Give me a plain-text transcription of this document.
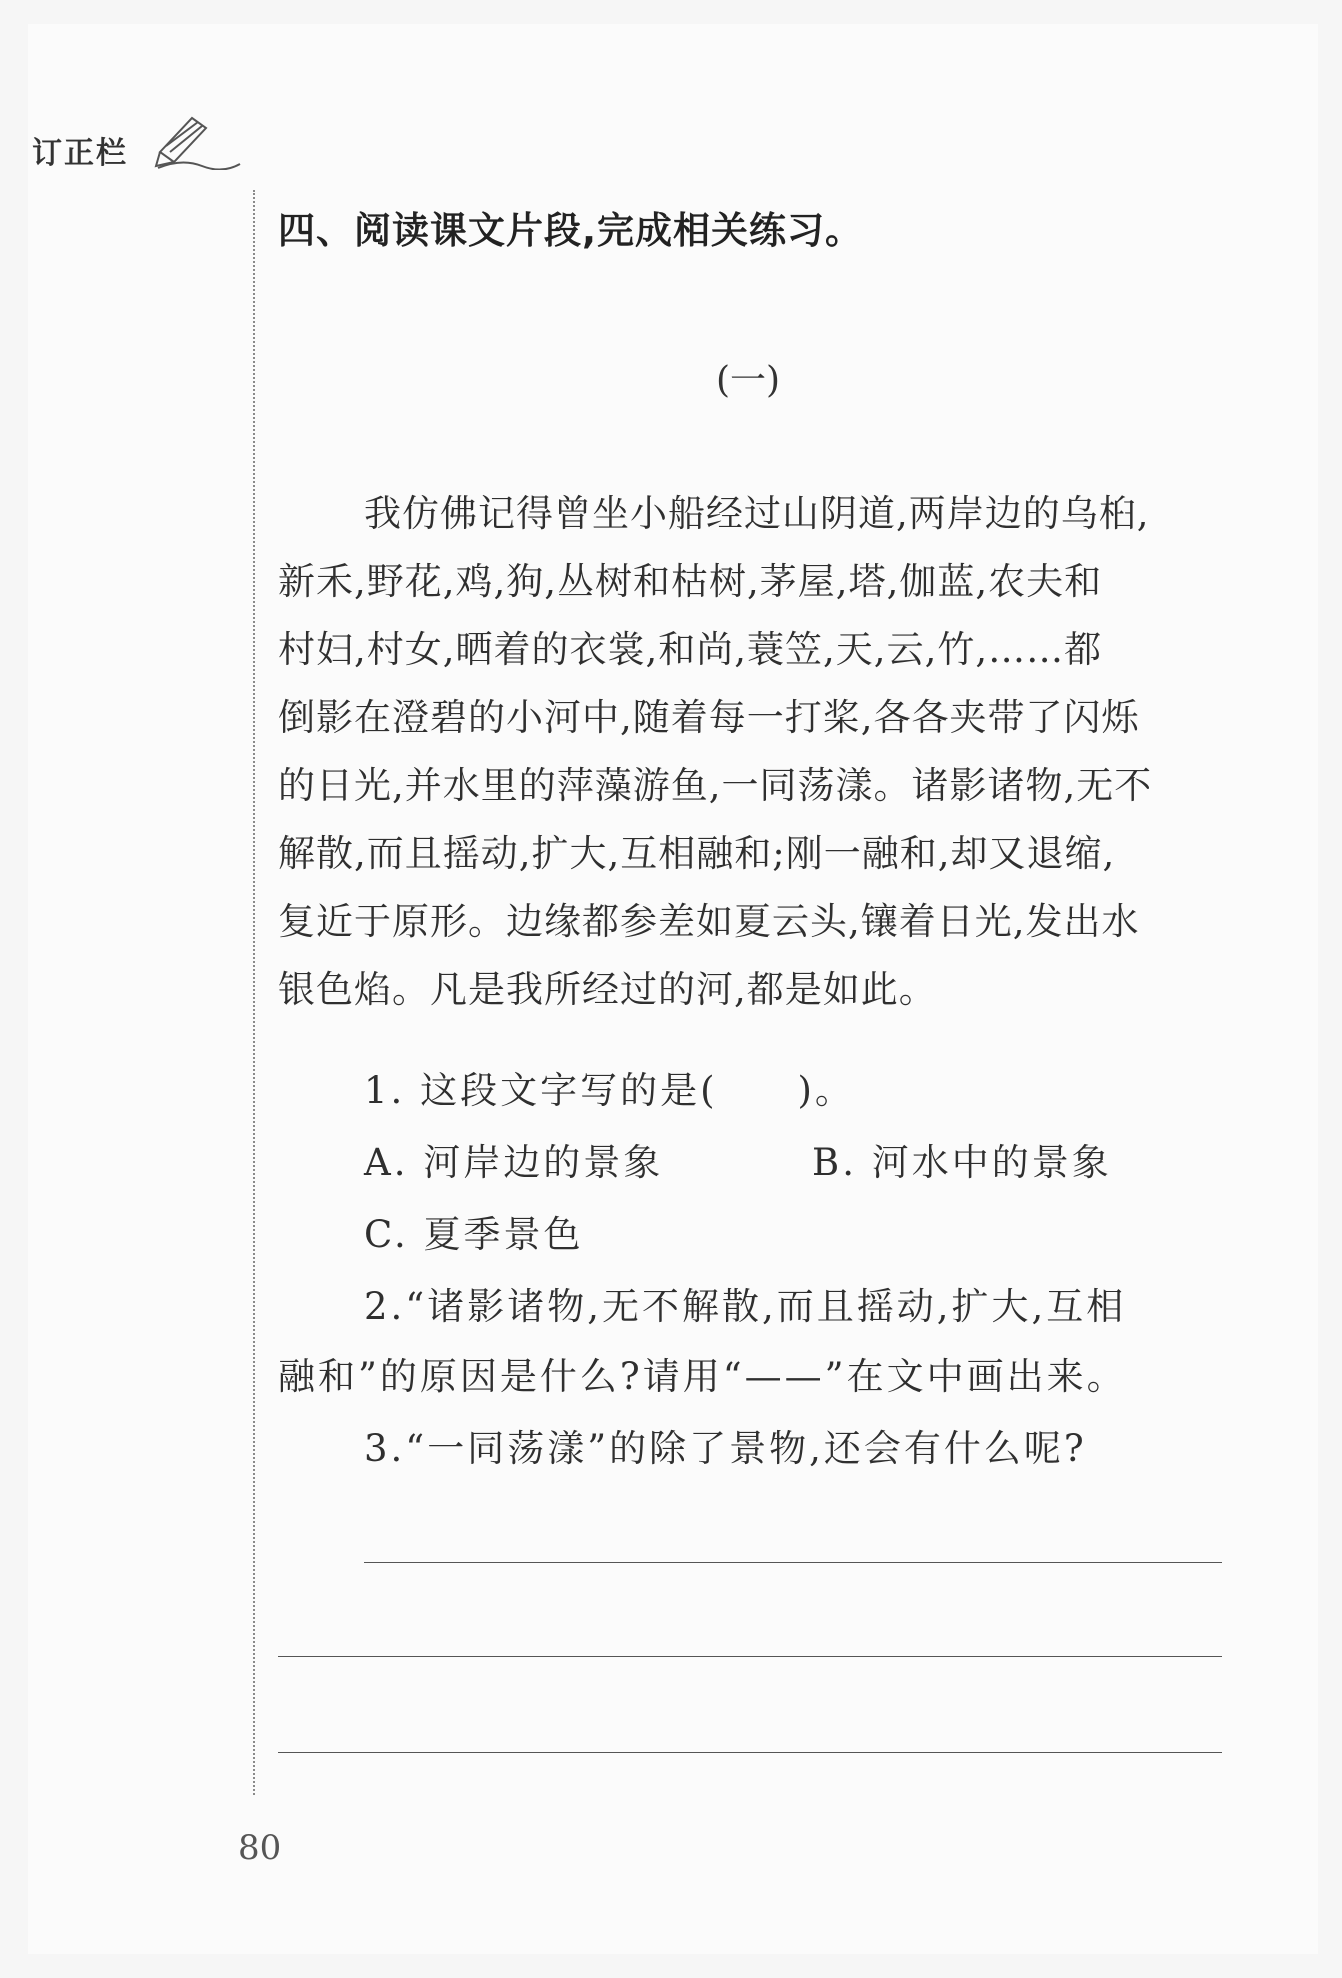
订正栏
四、阅读课文片段,完成相关练习。
(一)
我仿佛记得曾坐小船经过山阴道,两岸边的乌桕,
新禾,野花,鸡,狗,丛树和枯树,茅屋,塔,伽蓝,农夫和
村妇,村女,晒着的衣裳,和尚,蓑笠,天,云,竹,……都
倒影在澄碧的小河中,随着每一打桨,各各夹带了闪烁
的日光,并水里的萍藻游鱼,一同荡漾。诸影诸物,无不
解散,而且摇动,扩大,互相融和;刚一融和,却又退缩,
复近于原形。边缘都参差如夏云头,镶着日光,发出水
银色焰。凡是我所经过的河,都是如此。
1. 这段文字写的是(　　)。
A. 河岸边的景象	B. 河水中的景象
C. 夏季景色
2.“诸影诸物,无不解散,而且摇动,扩大,互相
融和”的原因是什么?请用“——”在文中画出来。
3.“一同荡漾”的除了景物,还会有什么呢?
80
